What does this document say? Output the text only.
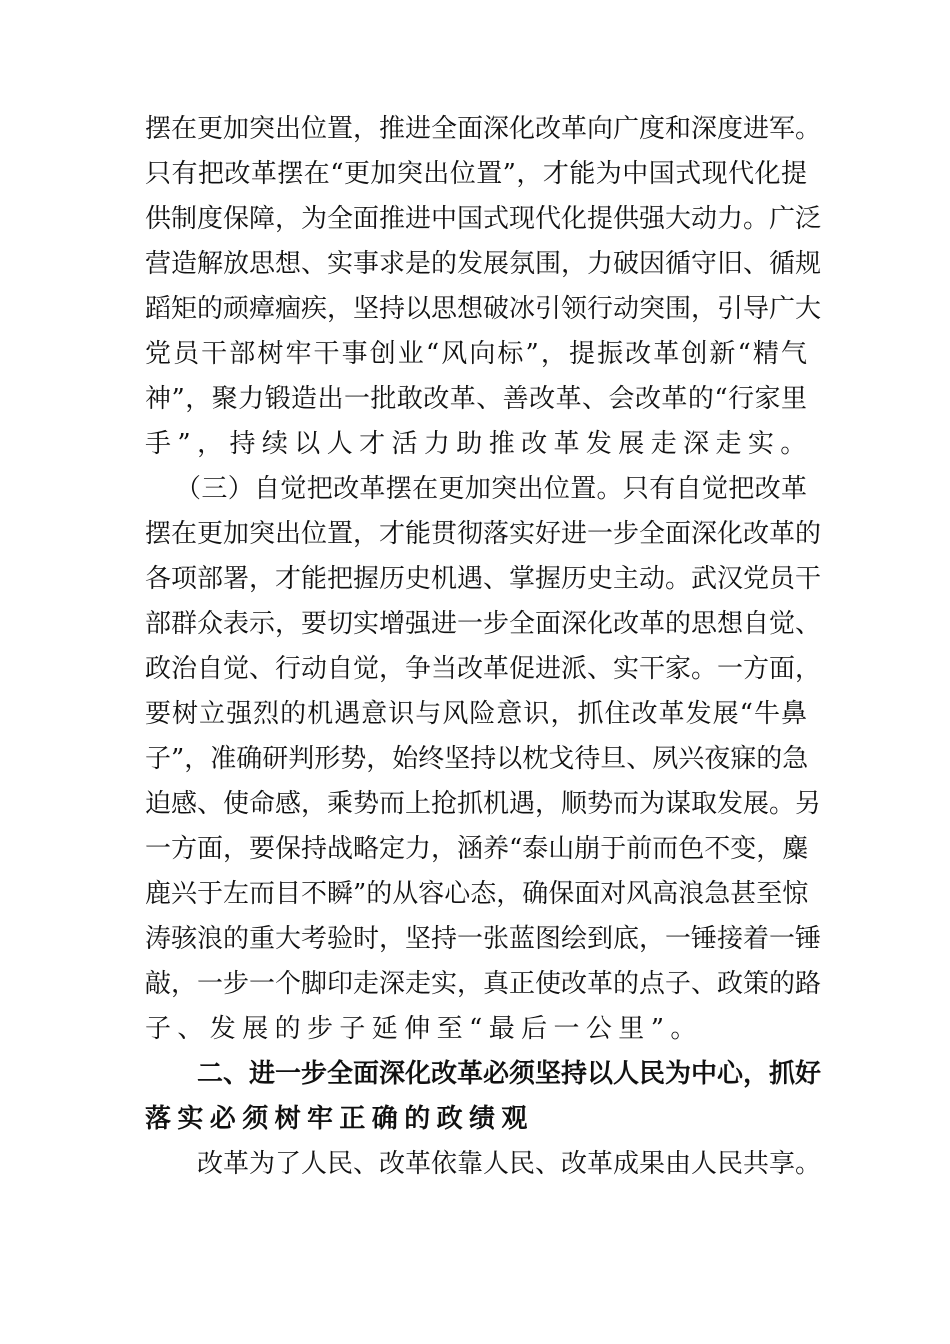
摆在更加突出位置，推进全面深化改革向广度和深度进军。
只有把改革摆在“更加突出位置”，才能为中国式现代化提
供制度保障，为全面推进中国式现代化提供强大动力。广泛
营造解放思想、实事求是的发展氛围，力破因循守旧、循规
蹈矩的顽瘴痼疾，坚持以思想破冰引领行动突围，引导广大
党员干部树牢干事创业“风向标”，提振改革创新“精气
神”，聚力锻造出一批敢改革、善改革、会改革的“行家里
手”，持续以人才活力助推改革发展走深走实。
（三）自觉把改革摆在更加突出位置。只有自觉把改革
摆在更加突出位置，才能贯彻落实好进一步全面深化改革的
各项部署，才能把握历史机遇、掌握历史主动。武汉党员干
部群众表示，要切实增强进一步全面深化改革的思想自觉、
政治自觉、行动自觉，争当改革促进派、实干家。一方面，
要树立强烈的机遇意识与风险意识，抓住改革发展“牛鼻
子”，准确研判形势，始终坚持以枕戈待旦、夙兴夜寐的急
迫感、使命感，乘势而上抢抓机遇，顺势而为谋取发展。另
一方面，要保持战略定力，涵养“泰山崩于前而色不变，麋
鹿兴于左而目不瞬”的从容心态，确保面对风高浪急甚至惊
涛骇浪的重大考验时，坚持一张蓝图绘到底，一锤接着一锤
敲，一步一个脚印走深走实，真正使改革的点子、政策的路
子、发展的步子延伸至“最后一公里”。
二、进一步全面深化改革必须坚持以人民为中心，抓好
落实必须树牢正确的政绩观
改革为了人民、改革依靠人民、改革成果由人民共享。
